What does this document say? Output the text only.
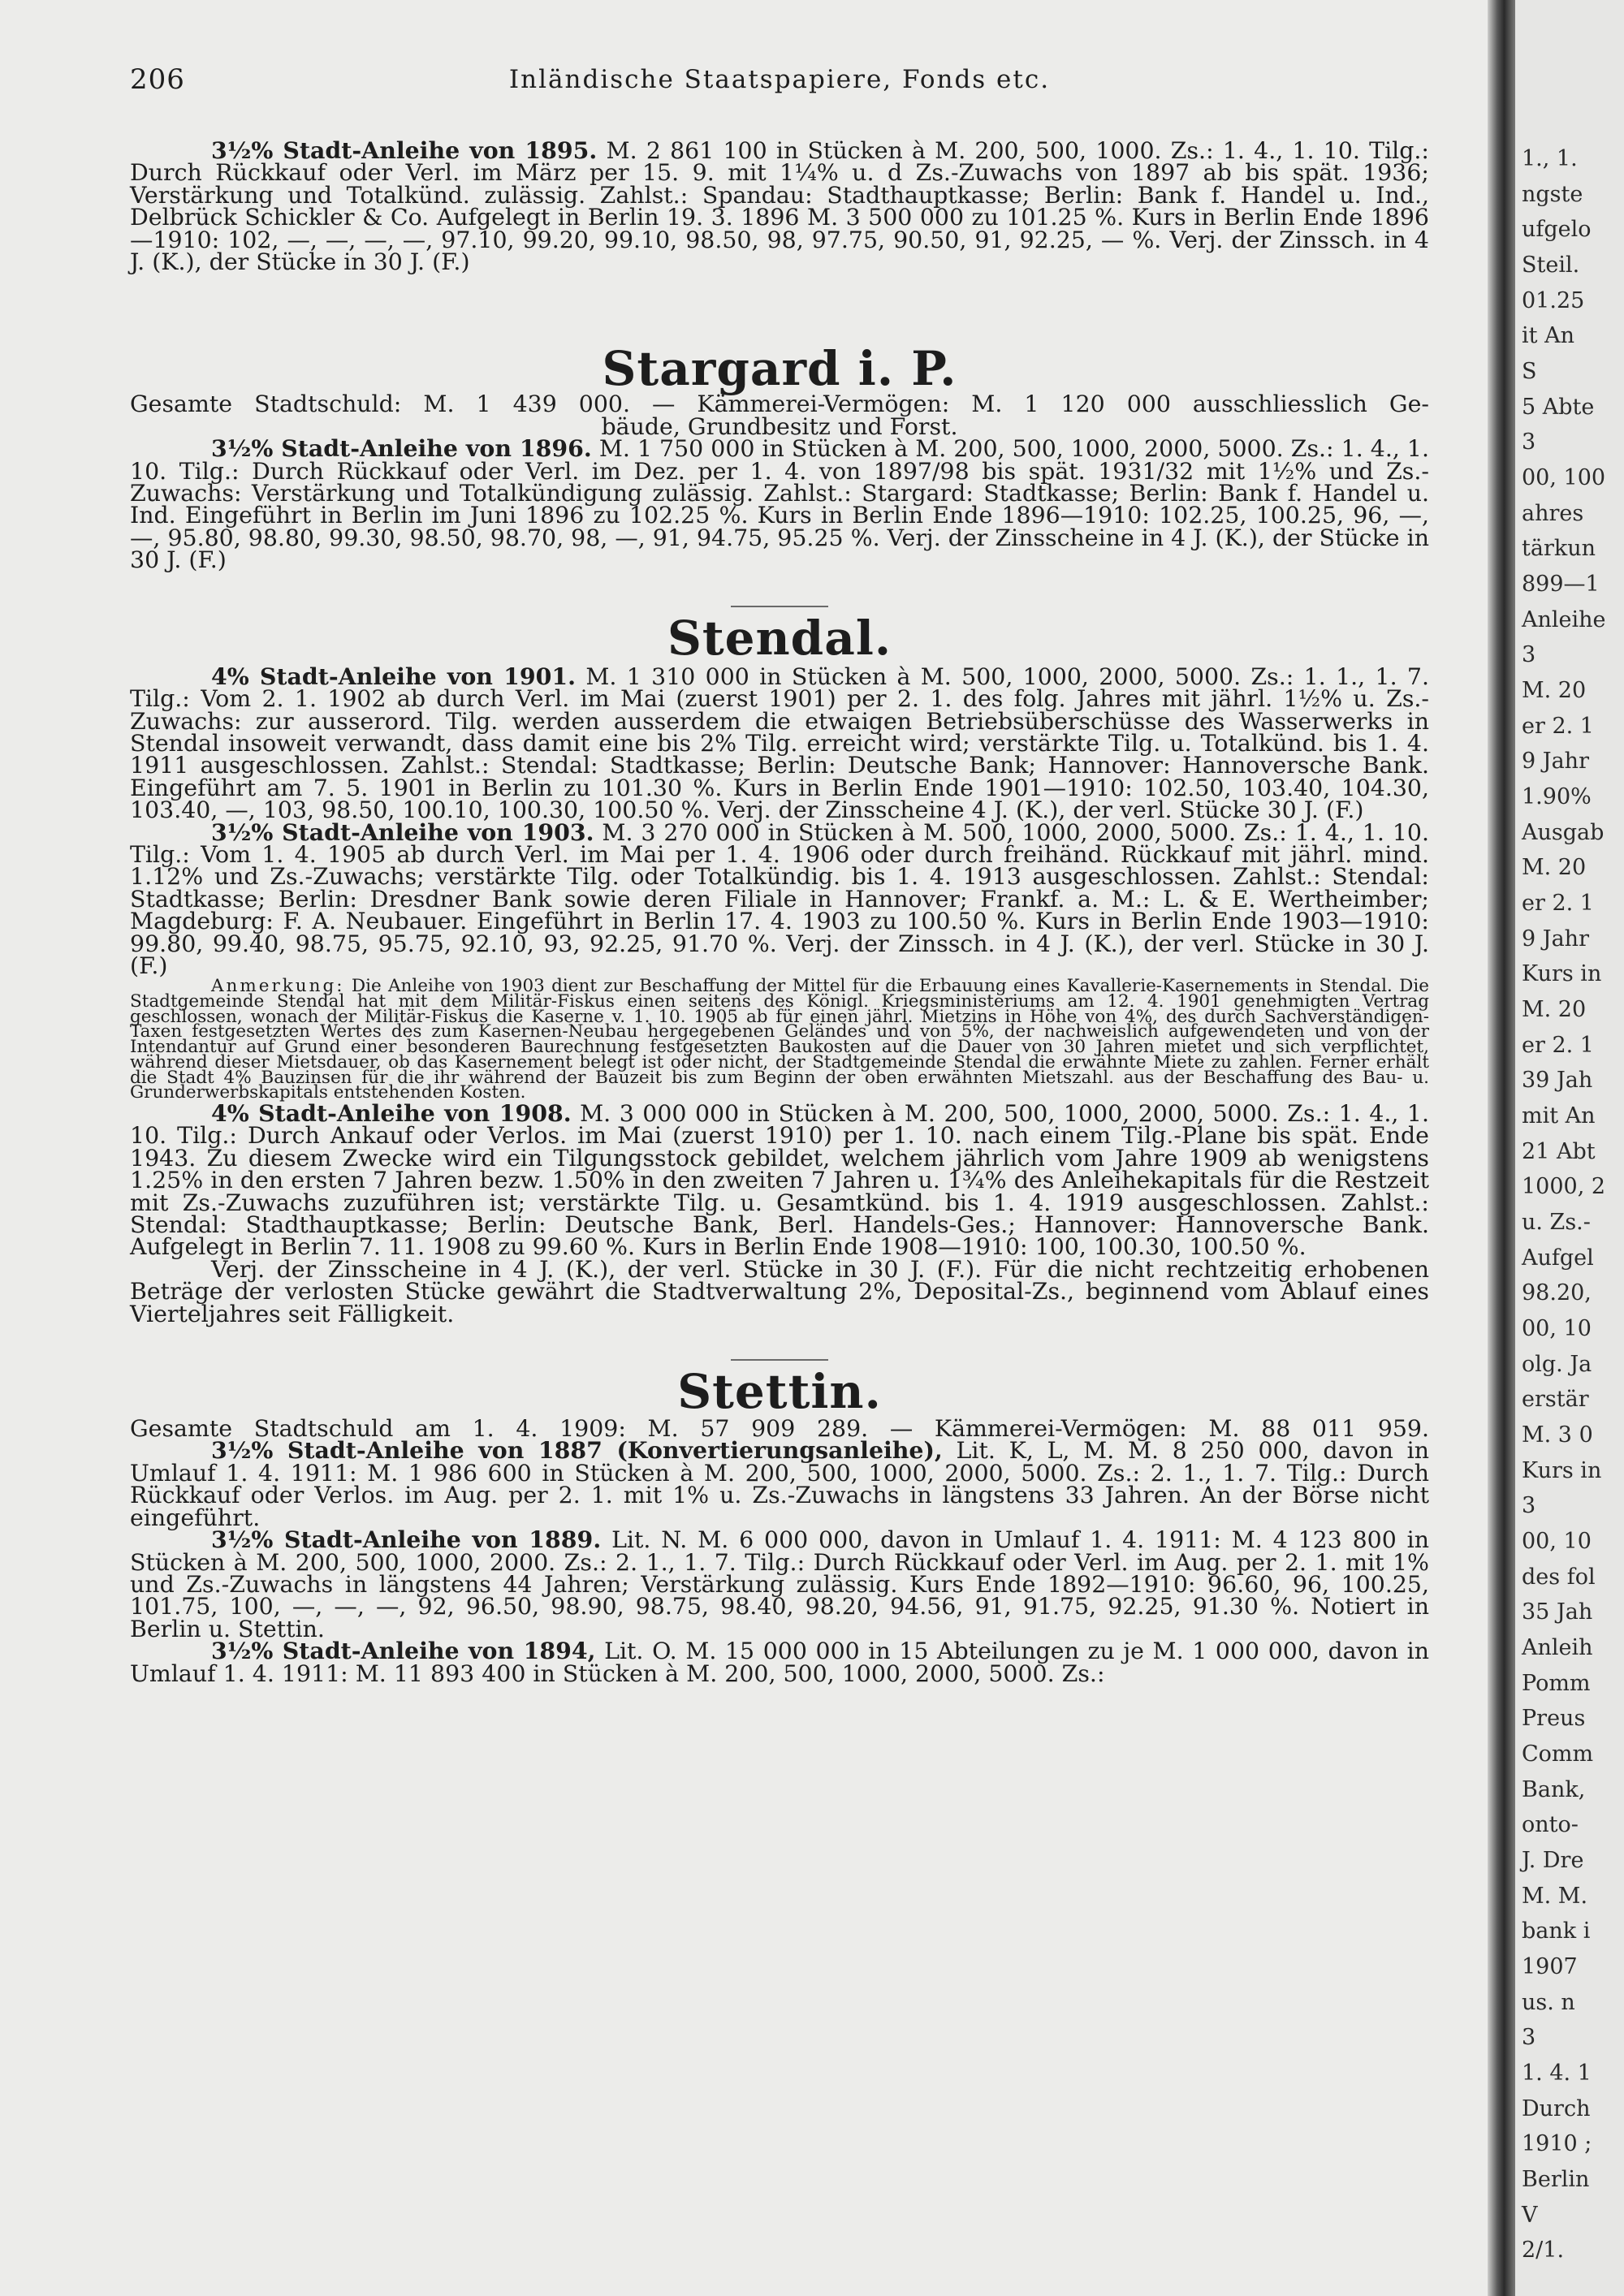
206	Inländische Staatspapiere, Fonds etc.

3½% Stadt-Anleihe von 1895. M. 2 861 100 in Stücken à M. 200, 500, 1000. Zs.: 1. 4., 1. 10. Tilg.: Durch Rückkauf oder Verl. im März per 15. 9. mit 1¼% u. d Zs.-Zuwachs von 1897 ab bis spät. 1936; Verstärkung und Totalkünd. zulässig. Zahlst.: Spandau: Stadthauptkasse; Berlin: Bank f. Handel u. Ind., Delbrück Schickler & Co. Aufgelegt in Berlin 19. 3. 1896 M. 3 500 000 zu 101.25 %. Kurs in Berlin Ende 1896—1910: 102, —, —, —, —, 97.10, 99.20, 99.10, 98.50, 98, 97.75, 90.50, 91, 92.25, — %. Verj. der Zinssch. in 4 J. (K.), der Stücke in 30 J. (F.)

Stargard i. P.

Gesamte Stadtschuld: M. 1 439 000. — Kämmerei-Vermögen: M. 1 120 000 ausschliesslich Ge-

bäude, Grundbesitz und Forst.

3½% Stadt-Anleihe von 1896. M. 1 750 000 in Stücken à M. 200, 500, 1000, 2000, 5000. Zs.: 1. 4., 1. 10. Tilg.: Durch Rückkauf oder Verl. im Dez. per 1. 4. von 1897/98 bis spät. 1931/32 mit 1½% und Zs.-Zuwachs: Verstärkung und Totalkündigung zulässig. Zahlst.: Stargard: Stadtkasse; Berlin: Bank f. Handel u. Ind. Eingeführt in Berlin im Juni 1896 zu 102.25 %. Kurs in Berlin Ende 1896—1910: 102.25, 100.25, 96, —, —, 95.80, 98.80, 99.30, 98.50, 98.70, 98, —, 91, 94.75, 95.25 %. Verj. der Zinsscheine in 4 J. (K.), der Stücke in 30 J. (F.)

Stendal.

4% Stadt-Anleihe von 1901. M. 1 310 000 in Stücken à M. 500, 1000, 2000, 5000. Zs.: 1. 1., 1. 7. Tilg.: Vom 2. 1. 1902 ab durch Verl. im Mai (zuerst 1901) per 2. 1. des folg. Jahres mit jährl. 1½% u. Zs.-Zuwachs: zur ausserord. Tilg. werden ausserdem die etwaigen Betriebsüberschüsse des Wasserwerks in Stendal insoweit verwandt, dass damit eine bis 2% Tilg. erreicht wird; verstärkte Tilg. u. Totalkünd. bis 1. 4. 1911 ausgeschlossen. Zahlst.: Stendal: Stadtkasse; Berlin: Deutsche Bank; Hannover: Hannoversche Bank. Eingeführt am 7. 5. 1901 in Berlin zu 101.30 %. Kurs in Berlin Ende 1901—1910: 102.50, 103.40, 104.30, 103.40, —, 103, 98.50, 100.10, 100.30, 100.50 %. Verj. der Zinsscheine 4 J. (K.), der verl. Stücke 30 J. (F.)

3½% Stadt-Anleihe von 1903. M. 3 270 000 in Stücken à M. 500, 1000, 2000, 5000. Zs.: 1. 4., 1. 10. Tilg.: Vom 1. 4. 1905 ab durch Verl. im Mai per 1. 4. 1906 oder durch freihänd. Rückkauf mit jährl. mind. 1.12% und Zs.-Zuwachs; verstärkte Tilg. oder Totalkündig. bis 1. 4. 1913 ausgeschlossen. Zahlst.: Stendal: Stadtkasse; Berlin: Dresdner Bank sowie deren Filiale in Hannover; Frankf. a. M.: L. & E. Wertheimber; Magdeburg: F. A. Neubauer. Eingeführt in Berlin 17. 4. 1903 zu 100.50 %. Kurs in Berlin Ende 1903—1910: 99.80, 99.40, 98.75, 95.75, 92.10, 93, 92.25, 91.70 %. Verj. der Zinssch. in 4 J. (K.), der verl. Stücke in 30 J. (F.)

Anmerkung: Die Anleihe von 1903 dient zur Beschaffung der Mittel für die Erbauung eines Kavallerie-Kasernements in Stendal. Die Stadtgemeinde Stendal hat mit dem Militär-Fiskus einen seitens des Königl. Kriegsministeriums am 12. 4. 1901 genehmigten Vertrag geschlossen, wonach der Militär-Fiskus die Kaserne v. 1. 10. 1905 ab für einen jährl. Mietzins in Höhe von 4%, des durch Sachverständigen-Taxen festgesetzten Wertes des zum Kasernen-Neubau hergegebenen Geländes und von 5%, der nachweislich aufgewendeten und von der Intendantur auf Grund einer besonderen Baurechnung festgesetzten Baukosten auf die Dauer von 30 Jahren mietet und sich verpflichtet, während dieser Mietsdauer, ob das Kasernement belegt ist oder nicht, der Stadtgemeinde Stendal die erwähnte Miete zu zahlen. Ferner erhält die Stadt 4% Bauzinsen für die ihr während der Bauzeit bis zum Beginn der oben erwähnten Mietszahl. aus der Beschaffung des Bau- u. Grunderwerbskapitals entstehenden Kosten.

4% Stadt-Anleihe von 1908. M. 3 000 000 in Stücken à M. 200, 500, 1000, 2000, 5000. Zs.: 1. 4., 1. 10. Tilg.: Durch Ankauf oder Verlos. im Mai (zuerst 1910) per 1. 10. nach einem Tilg.-Plane bis spät. Ende 1943. Zu diesem Zwecke wird ein Tilgungsstock gebildet, welchem jährlich vom Jahre 1909 ab wenigstens 1.25% in den ersten 7 Jahren bezw. 1.50% in den zweiten 7 Jahren u. 1¾% des Anleihekapitals für die Restzeit mit Zs.-Zuwachs zuzuführen ist; verstärkte Tilg. u. Gesamtkünd. bis 1. 4. 1919 ausgeschlossen. Zahlst.: Stendal: Stadthauptkasse; Berlin: Deutsche Bank, Berl. Handels-Ges.; Hannover: Hannoversche Bank. Aufgelegt in Berlin 7. 11. 1908 zu 99.60 %. Kurs in Berlin Ende 1908—1910: 100, 100.30, 100.50 %.

Verj. der Zinsscheine in 4 J. (K.), der verl. Stücke in 30 J. (F.). Für die nicht rechtzeitig erhobenen Beträge der verlosten Stücke gewährt die Stadtverwaltung 2%, Deposital-Zs., beginnend vom Ablauf eines Vierteljahres seit Fälligkeit.

Stettin.

Gesamte Stadtschuld am 1. 4. 1909: M. 57 909 289. — Kämmerei-Vermögen: M. 88 011 959.

3½% Stadt-Anleihe von 1887 (Konvertierungsanleihe), Lit. K, L, M. M. 8 250 000, davon in Umlauf 1. 4. 1911: M. 1 986 600 in Stücken à M. 200, 500, 1000, 2000, 5000. Zs.: 2. 1., 1. 7. Tilg.: Durch Rückkauf oder Verlos. im Aug. per 2. 1. mit 1% u. Zs.-Zuwachs in längstens 33 Jahren. An der Börse nicht eingeführt.

3½% Stadt-Anleihe von 1889. Lit. N. M. 6 000 000, davon in Umlauf 1. 4. 1911: M. 4 123 800 in Stücken à M. 200, 500, 1000, 2000. Zs.: 2. 1., 1. 7. Tilg.: Durch Rückkauf oder Verl. im Aug. per 2. 1. mit 1% und Zs.-Zuwachs in längstens 44 Jahren; Verstärkung zulässig. Kurs Ende 1892—1910: 96.60, 96, 100.25, 101.75, 100, —, —, —, 92, 96.50, 98.90, 98.75, 98.40, 98.20, 94.56, 91, 91.75, 92.25, 91.30 %. Notiert in Berlin u. Stettin.

3½% Stadt-Anleihe von 1894, Lit. O. M. 15 000 000 in 15 Abteilungen zu je M. 1 000 000, davon in Umlauf 1. 4. 1911: M. 11 893 400 in Stücken à M. 200, 500, 1000, 2000, 5000. Zs.:

1., 1.
ngste
ufgelo
Steil.
01.25
it An
S
5 Abte
3
00, 100
ahres
tärkun
899—1
Anleihe
3
M. 20
er 2. 1
9 Jahr
1.90%
Ausgab
M. 20
er 2. 1
9 Jahr
Kurs in
M. 20
er 2. 1
39 Jah
mit An
21 Abt
1000, 2
u. Zs.-
Aufgel
98.20,
00, 10
olg. Ja
erstär
M. 3 0
Kurs in
3
00, 10
des fol
35 Jah
Anleih
Pomm
Preus
Comm
Bank,
onto-
J. Dre
M. M.
bank i
1907
us. n
3
1. 4. 1
Durch
1910 ;
Berlin
V
2/1.
